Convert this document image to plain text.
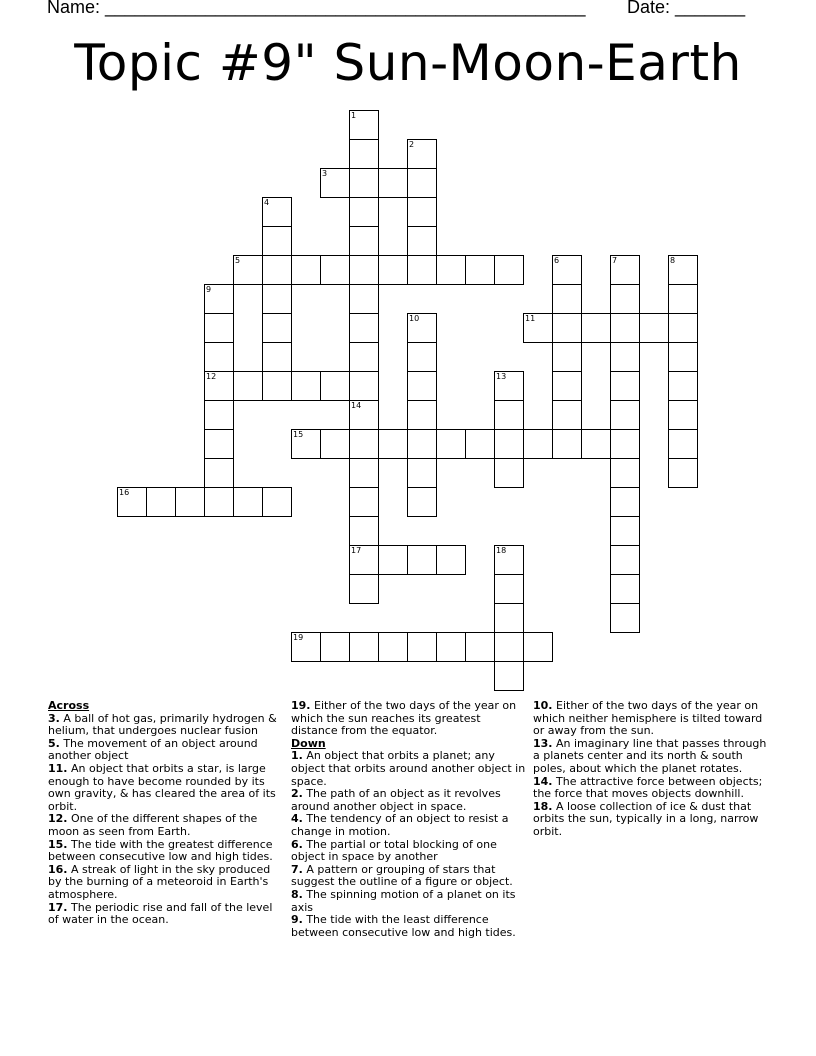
Name: ________________________________________________ Date: _______
Topic #9" Sun-Moon-Earth
3
5
11
12
15
16
17
19
1
2
4
6	7	8
9
10
13
14
18
Across
3. A ball of hot gas, primarily hydrogen & helium, that undergoes nuclear fusion
5. The movement of an object around another object
11. An object that orbits a star, is large enough to have become rounded by its own gravity, & has cleared the area of its orbit.
12. One of the different shapes of the moon as seen from Earth.
15. The tide with the greatest difference between consecutive low and high tides.
16. A streak of light in the sky produced by the burning of a meteoroid in Earth's atmosphere.
17. The periodic rise and fall of the level of water in the ocean.
19. Either of the two days of the year on which the sun reaches its greatest distance from the equator.
Down
1. An object that orbits a planet; any object that orbits around another object in space.
2. The path of an object as it revolves around another object in space.
4. The tendency of an object to resist a change in motion.
6. The partial or total blocking of one object in space by another
7. A pattern or grouping of stars that suggest the outline of a figure or object.
8. The spinning motion of a planet on its axis
9. The tide with the least difference between consecutive low and high tides.
10. Either of the two days of the year on which neither hemisphere is tilted toward or away from the sun.
13. An imaginary line that passes through a planets center and its north & south poles, about which the planet rotates.
14. The attractive force between objects; the force that moves objects downhill.
18. A loose collection of ice & dust that orbits the sun, typically in a long, narrow orbit.
